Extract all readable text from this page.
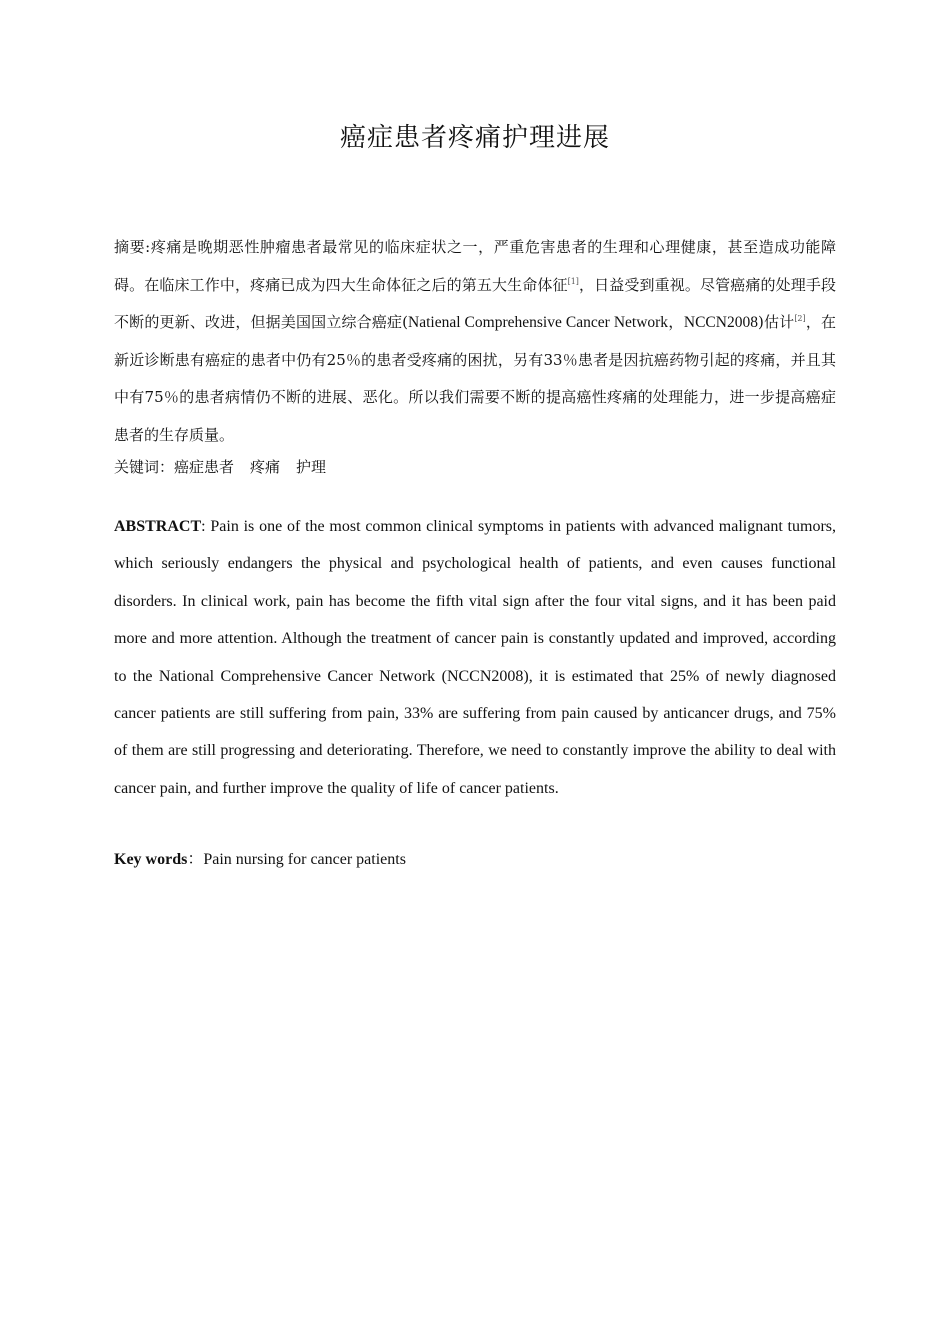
癌症患者疼痛护理进展
摘要:疼痛是晚期恶性肿瘤患者最常见的临床症状之一，严重危害患者的生理和心理健康，甚至造成功能障碍。在临床工作中，疼痛已成为四大生命体征之后的第五大生命体征[1]，日益受到重视。尽管癌痛的处理手段不断的更新、改进，但据美国国立综合癌症(Natienal Comprehensive Cancer Network，NCCN2008)估计[2]，在新近诊断患有癌症的患者中仍有25％的患者受疼痛的困扰，另有33％患者是因抗癌药物引起的疼痛，并且其中有75％的患者病情仍不断的进展、恶化。所以我们需要不断的提高癌性疼痛的处理能力，进一步提高癌症患者的生存质量。
关键词：癌症患者 疼痛 护理
ABSTRACT: Pain is one of the most common clinical symptoms in patients with advanced malignant tumors, which seriously endangers the physical and psychological health of patients, and even causes functional disorders. In clinical work, pain has become the fifth vital sign after the four vital signs, and it has been paid more and more attention. Although the treatment of cancer pain is constantly updated and improved, according to the National Comprehensive Cancer Network (NCCN2008), it is estimated that 25% of newly diagnosed cancer patients are still suffering from pain, 33% are suffering from pain caused by anticancer drugs, and 75% of them are still progressing and deteriorating. Therefore, we need to constantly improve the ability to deal with cancer pain, and further improve the quality of life of cancer patients.
Key words：Pain nursing for cancer patients
